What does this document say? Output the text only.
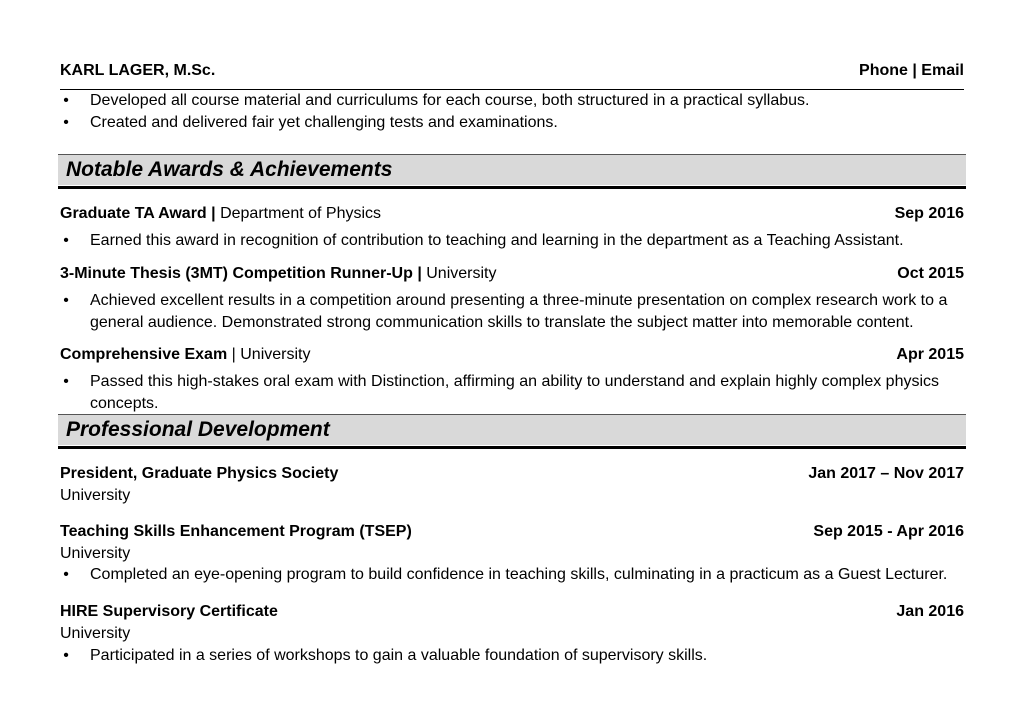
KARL LAGER, M.Sc.	Phone | Email
• Developed all course material and curriculums for each course, both structured in a practical syllabus.
• Created and delivered fair yet challenging tests and examinations.
Notable Awards & Achievements
Graduate TA Award | Department of Physics	Sep 2016
• Earned this award in recognition of contribution to teaching and learning in the department as a Teaching Assistant.
3-Minute Thesis (3MT) Competition Runner-Up | University	Oct 2015
• Achieved excellent results in a competition around presenting a three-minute presentation on complex research work to a general audience. Demonstrated strong communication skills to translate the subject matter into memorable content.
Comprehensive Exam | University	Apr 2015
• Passed this high-stakes oral exam with Distinction, affirming an ability to understand and explain highly complex physics concepts.
Professional Development
President, Graduate Physics Society	Jan 2017 – Nov 2017
University
Teaching Skills Enhancement Program (TSEP)	Sep 2015 - Apr 2016
University
• Completed an eye-opening program to build confidence in teaching skills, culminating in a practicum as a Guest Lecturer.
HIRE Supervisory Certificate	Jan 2016
University
• Participated in a series of workshops to gain a valuable foundation of supervisory skills.
